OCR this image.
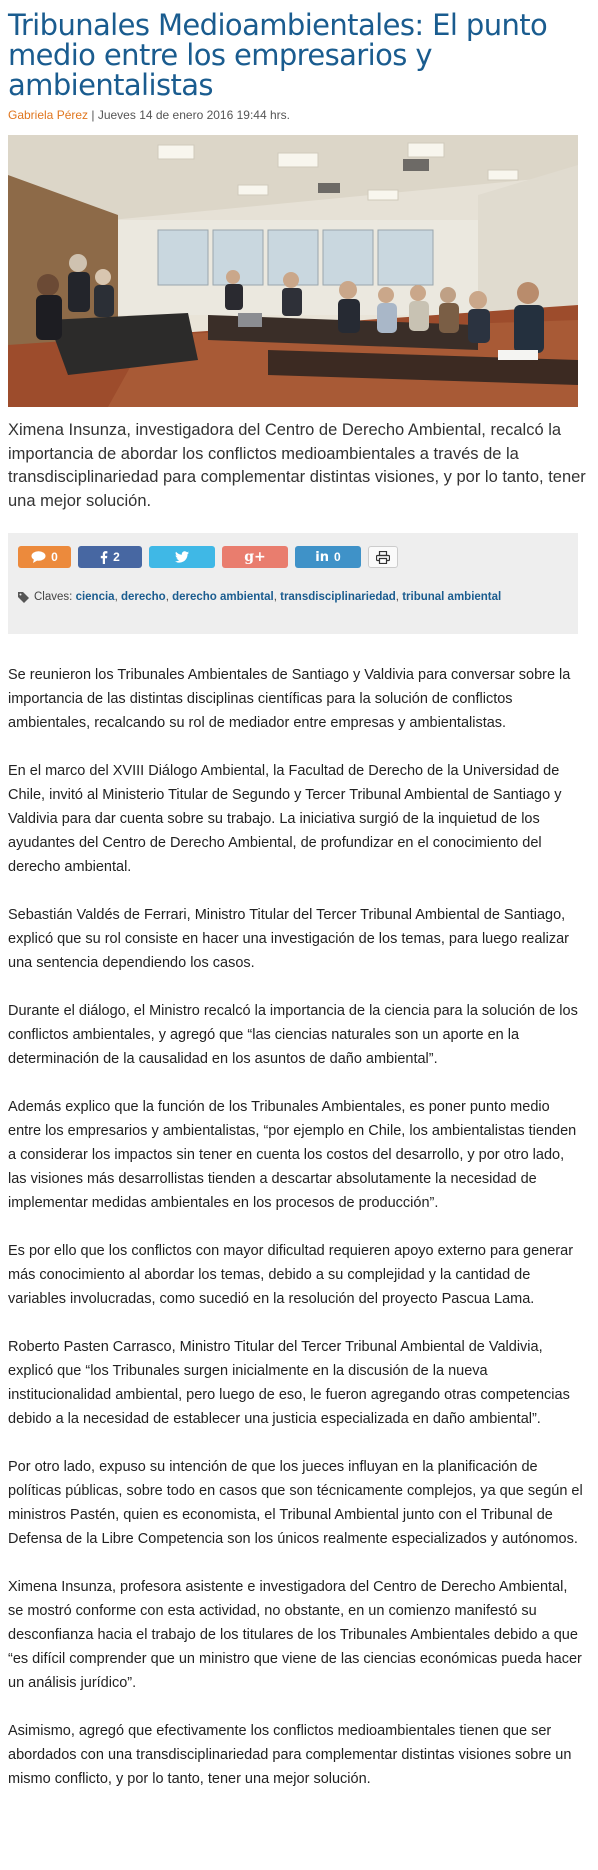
Tribunales Medioambientales: El punto medio entre los empresarios y ambientalistas
Gabriela Pérez | Jueves 14 de enero 2016 19:44 hrs.

Ximena Insunza, investigadora del Centro de Derecho Ambiental, recalcó la importancia de abordar los conflictos medioambientales a través de la transdisciplinariedad para complementar distintas visiones, y por lo tanto, tener una mejor solución.

0	2	g+	in 0
Claves:
ciencia , derecho , derecho ambiental , transdisciplinariedad , tribunal ambiental

Se reunieron los Tribunales Ambientales de Santiago y Valdivia para conversar sobre la importancia de las distintas disciplinas científicas para la solución de conflictos ambientales, recalcando su rol de mediador entre empresas y ambientalistas.

En el marco del XVIII Diálogo Ambiental, la Facultad de Derecho de la Universidad de Chile, invitó al Ministerio Titular de Segundo y Tercer Tribunal Ambiental de Santiago y Valdivia para dar cuenta sobre su trabajo. La iniciativa surgió de la inquietud de los ayudantes del Centro de Derecho Ambiental, de profundizar en el conocimiento del derecho ambiental.

Sebastián Valdés de Ferrari, Ministro Titular del Tercer Tribunal Ambiental de Santiago, explicó que su rol consiste en hacer una investigación de los temas, para luego realizar una sentencia dependiendo los casos.

Durante el diálogo, el Ministro recalcó la importancia de la ciencia para la solución de los conflictos ambientales, y agregó que “las ciencias naturales son un aporte en la determinación de la causalidad en los asuntos de daño ambiental”.

Además explico que la función de los Tribunales Ambientales, es poner punto medio entre los empresarios y ambientalistas, “por ejemplo en Chile, los ambientalistas tienden a considerar los impactos sin tener en cuenta los costos del desarrollo, y por otro lado, las visiones más desarrollistas tienden a descartar absolutamente la necesidad de implementar medidas ambientales en los procesos de producción”.

Es por ello que los conflictos con mayor dificultad requieren apoyo externo para generar más conocimiento al abordar los temas, debido a su complejidad y la cantidad de variables involucradas, como sucedió en la resolución del proyecto Pascua Lama.

Roberto Pasten Carrasco, Ministro Titular del Tercer Tribunal Ambiental de Valdivia, explicó que “los Tribunales surgen inicialmente en la discusión de la nueva institucionalidad ambiental, pero luego de eso, le fueron agregando otras competencias debido a la necesidad de establecer una justicia especializada en daño ambiental”.

Por otro lado, expuso su intención de que los jueces influyan en la planificación de políticas públicas, sobre todo en casos que son técnicamente complejos, ya que según el ministros Pastén, quien es economista, el Tribunal Ambiental junto con el Tribunal de Defensa de la Libre Competencia son los únicos realmente especializados y autónomos.

Ximena Insunza, profesora asistente e investigadora del Centro de Derecho Ambiental, se mostró conforme con esta actividad, no obstante, en un comienzo manifestó su desconfianza hacia el trabajo de los titulares de los Tribunales Ambientales debido a que “es difícil comprender que un ministro que viene de las ciencias económicas pueda hacer un análisis jurídico”.

Asimismo, agregó que efectivamente los conflictos medioambientales tienen que ser abordados con una transdisciplinariedad para complementar distintas visiones sobre un mismo conflicto, y por lo tanto, tener una mejor solución.
